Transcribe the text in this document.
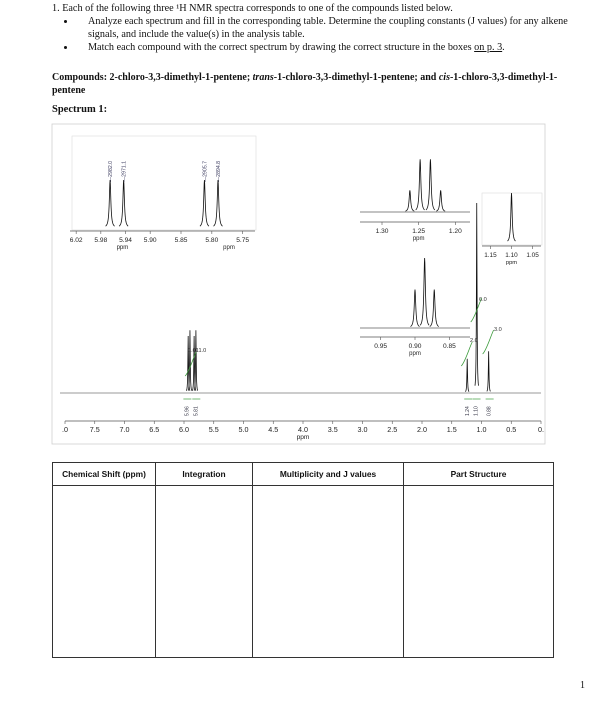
1. Each of the following three ¹H NMR spectra corresponds to one of the compounds listed below.

• Analyze each spectrum and fill in the corresponding table. Determine the coupling constants (J values) for any alkene signals, and include the value(s) in the analysis table.
• Match each compound with the correct spectrum by drawing the correct structure in the boxes on p. 3.
Compounds: 2-chloro-3,3-dimethyl-1-pentene; trans-1-chloro-3,3-dimethyl-1-pentene; and cis-1-chloro-3,3-dimethyl-1-pentene
Spectrum 1:
.0	7.5	7.0	6.5	6.0	5.5	5.0	4.5	4.0	3.5	3.0	2.5	2.0	1.5	1.0	0.5	0.
ppm
1.011.0
2.0
6.0
3.0
5.96 5.81	1.24 1.10 0.88
6.02 5.98 5.94 5.90	5.85	5.80	5.75
ppm	ppm
—2982.0 —2971.1	—2905.7 —2894.8
1.30	1.25	1.20
ppm
0.95	0.90	0.85
ppm
1.15 1.10 1.05
ppm
Chemical Shift (ppm)	Integration	Multiplicity and J values	Part Structure

1
